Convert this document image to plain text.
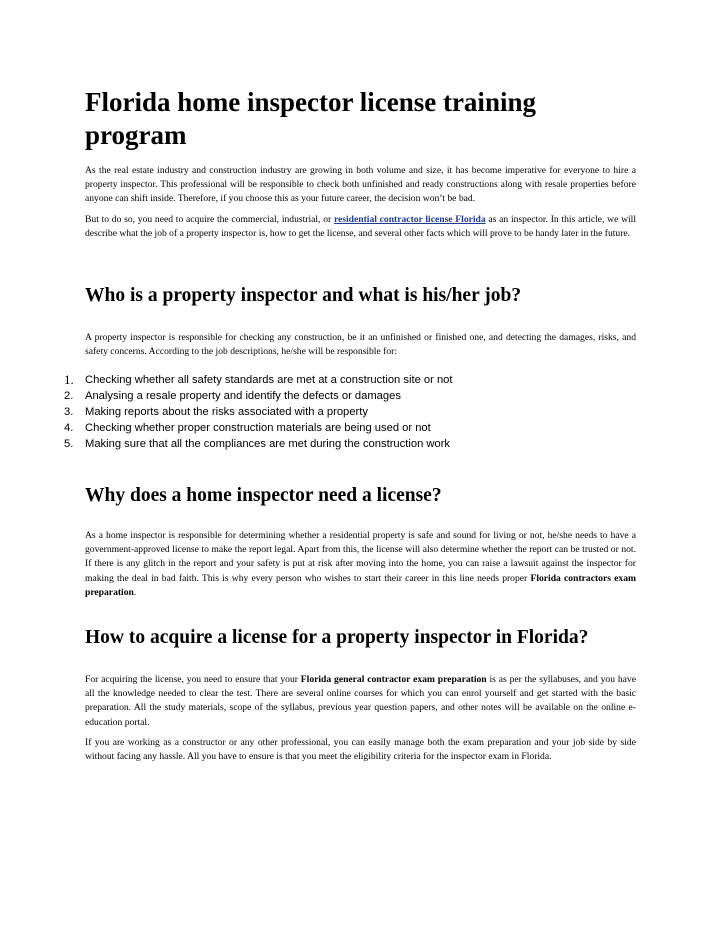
Florida home inspector license training program

As the real estate industry and construction industry are growing in both volume and size, it has become imperative for everyone to hire a property inspector. This professional will be responsible to check both unfinished and ready constructions along with resale properties before anyone can shift inside. Therefore, if you choose this as your future career, the decision won’t be bad.

But to do so, you need to acquire the commercial, industrial, or residential contractor license Florida as an inspector. In this article, we will describe what the job of a property inspector is, how to get the license, and several other facts which will prove to be handy later in the future.

Who is a property inspector and what is his/her job?

A property inspector is responsible for checking any construction, be it an unfinished or finished one, and detecting the damages, risks, and safety concerns. According to the job descriptions, he/she will be responsible for:

1.	Checking whether all safety standards are met at a construction site or not
2.	Analysing a resale property and identify the defects or damages
3.	Making reports about the risks associated with a property
4.	Checking whether proper construction materials are being used or not
5.	Making sure that all the compliances are met during the construction work
Why does a home inspector need a license?

As a home inspector is responsible for determining whether a residential property is safe and sound for living or not, he/she needs to have a government-approved license to make the report legal. Apart from this, the license will also determine whether the report can be trusted or not. If there is any glitch in the report and your safety is put at risk after moving into the home, you can raise a lawsuit against the inspector for making the deal in bad faith. This is why every person who wishes to start their career in this line needs proper Florida contractors exam preparation.

How to acquire a license for a property inspector in Florida?

For acquiring the license, you need to ensure that your Florida general contractor exam preparation is as per the syllabuses, and you have all the knowledge needed to clear the test. There are several online courses for which you can enrol yourself and get started with the basic preparation. All the study materials, scope of the syllabus, previous year question papers, and other notes will be available on the online e-education portal.

If you are working as a constructor or any other professional, you can easily manage both the exam preparation and your job side by side without facing any hassle. All you have to ensure is that you meet the eligibility criteria for the inspector exam in Florida.
